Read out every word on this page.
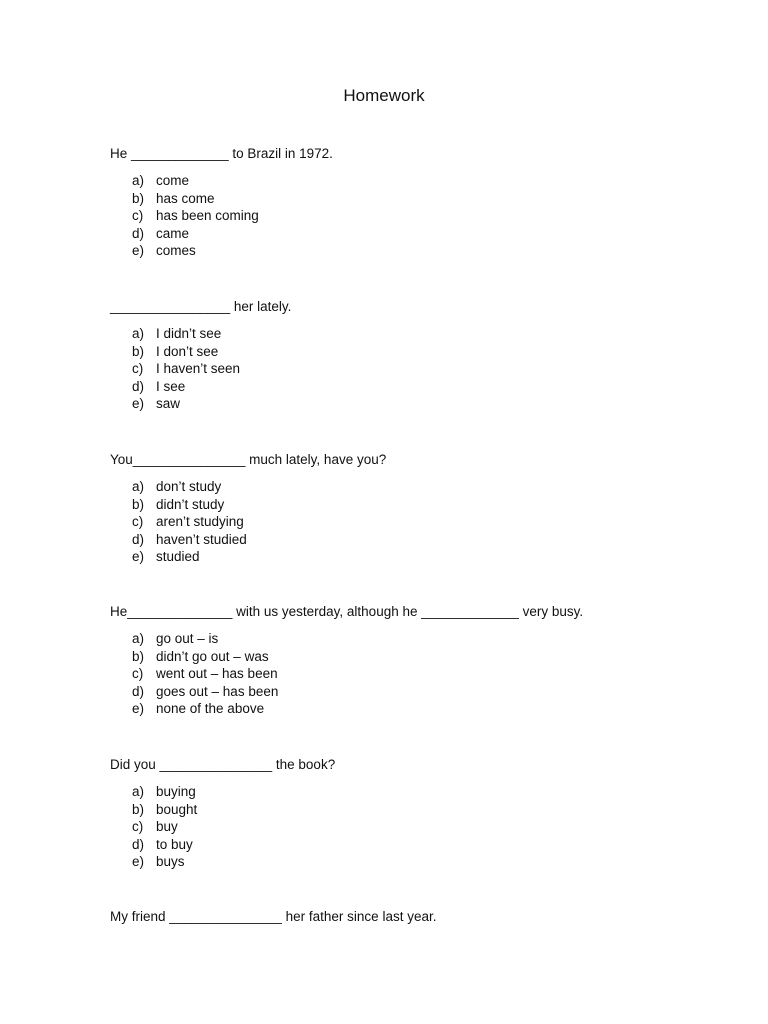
Homework

He _____________ to Brazil in 1972.

a)

come

b)

has come

c)

has been coming

d)

came

e)

comes

________________ her lately.

a)

I didn’t see

b)

I don’t see

c)

I haven’t seen

d)

I see

e)

saw

You_______________ much lately, have you?

a)

don’t study

b)

didn’t study

c)

aren’t studying

d)

haven’t studied

e)

studied

He______________ with us yesterday, although he _____________ very busy.

a)

go out – is

b)

didn’t go out – was

c)

went out – has been

d)

goes out – has been

e)

none of the above

Did you _______________ the book?

a)

buying

b)

bought

c)

buy

d)

to buy

e)

buys

My friend _______________ her father since last year.
